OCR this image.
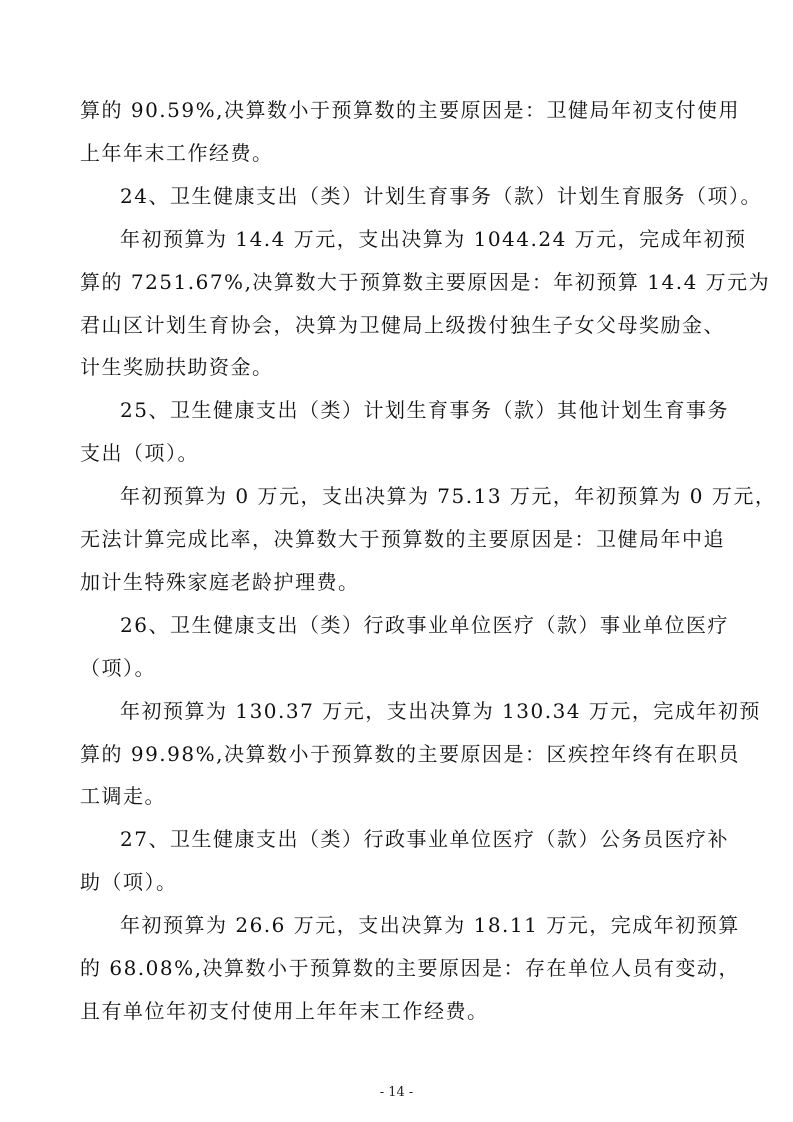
算的 90.59%,决算数小于预算数的主要原因是：卫健局年初支付使用
上年年末工作经费。
24、卫生健康支出（类）计划生育事务（款）计划生育服务（项）。
年初预算为 14.4 万元，支出决算为 1044.24 万元，完成年初预
算的 7251.67%,决算数大于预算数主要原因是：年初预算 14.4 万元为
君山区计划生育协会，决算为卫健局上级拨付独生子女父母奖励金、
计生奖励扶助资金。
25、卫生健康支出（类）计划生育事务（款）其他计划生育事务
支出（项）。
年初预算为 0 万元，支出决算为 75.13 万元，年初预算为 0 万元，
无法计算完成比率，决算数大于预算数的主要原因是：卫健局年中追
加计生特殊家庭老龄护理费。
26、卫生健康支出（类）行政事业单位医疗（款）事业单位医疗
（项）。
年初预算为 130.37 万元，支出决算为 130.34 万元，完成年初预
算的 99.98%,决算数小于预算数的主要原因是：区疾控年终有在职员
工调走。
27、卫生健康支出（类）行政事业单位医疗（款）公务员医疗补
助（项）。
年初预算为 26.6 万元，支出决算为 18.11 万元，完成年初预算
的 68.08%,决算数小于预算数的主要原因是：存在单位人员有变动，
且有单位年初支付使用上年年末工作经费。
- 14 -
